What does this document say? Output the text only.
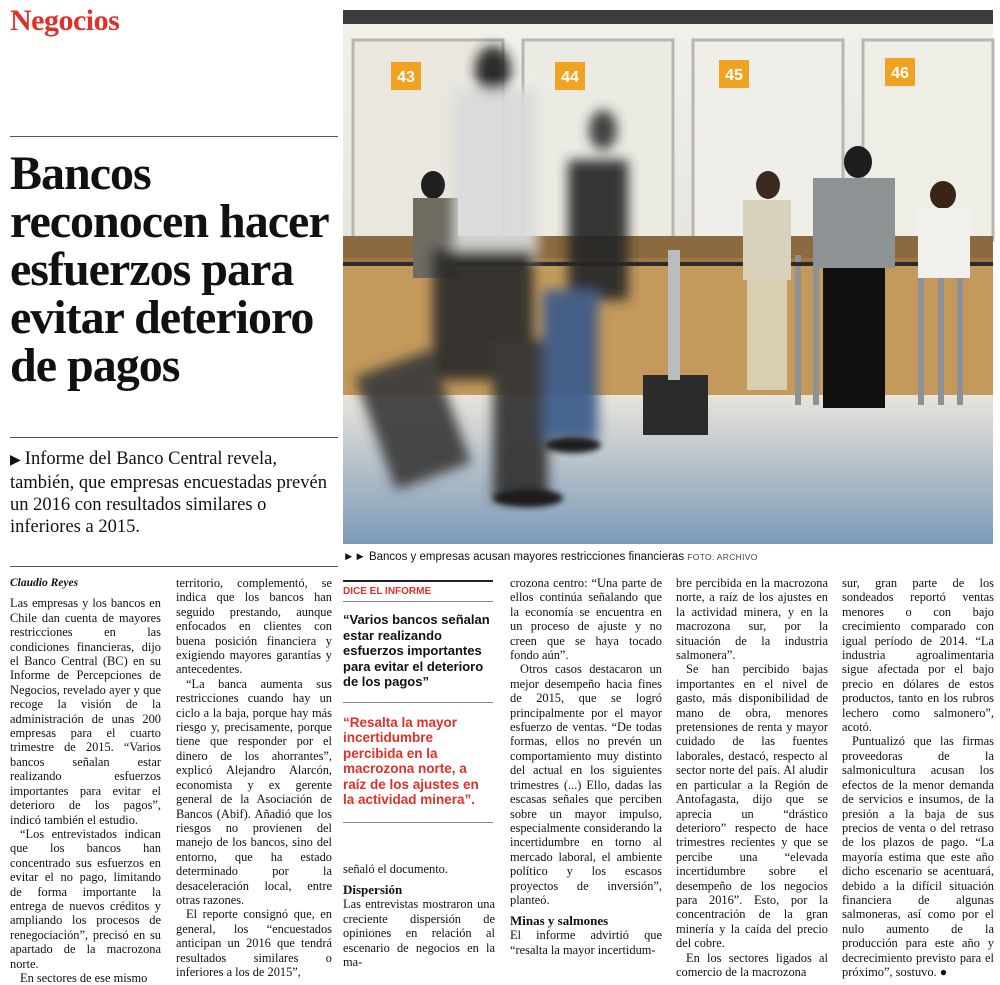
Negocios
Bancos reconocen hacer esfuerzos para evitar deterioro de pagos
▶ Informe del Banco Central revela, también, que empresas encuestadas prevén un 2016 con resultados similares o inferiores a 2015.
43	44	45	46
►► Bancos y empresas acusan mayores restricciones financieras FOTO: ARCHIVO
Claudio Reyes

Las empresas y los bancos en Chile dan cuenta de mayores restricciones en las condiciones financieras, dijo el Banco Central (BC) en su Informe de Percepciones de Negocios, revelado ayer y que recoge la visión de la administración de unas 200 empresas para el cuarto trimestre de 2015. “Varios bancos señalan estar realizando esfuerzos importantes para evitar el deterioro de los pagos”, indicó también el estudio.

“Los entrevistados indican que los bancos han concentrado sus esfuerzos en evitar el no pago, limitando de forma importante la entrega de nuevos créditos y ampliando los procesos de renegociación”, precisó en su apartado de la macrozona norte.

En sectores de ese mismo

territorio, complementó, se indica que los bancos han seguido prestando, aunque enfocados en clientes con buena posición financiera y exigiendo mayores garantías y antecedentes.

“La banca aumenta sus restricciones cuando hay un ciclo a la baja, porque hay más riesgo y, precisamente, porque tiene que responder por el dinero de los ahorrantes”, explicó Alejandro Alarcón, economista y ex gerente general de la Asociación de Bancos (Abif). Añadió que los riesgos no provienen del manejo de los bancos, sino del entorno, que ha estado determinado por la desaceleración local, entre otras razones.

El reporte consignó que, en general, los “encuestados anticipan un 2016 que tendrá resultados similares o inferiores a los de 2015”,

DICE EL INFORME
“Varios bancos señalan estar realizando esfuerzos importantes para evitar el deterioro de los pagos”
“Resalta la mayor incertidumbre percibida en la macrozona norte, a raíz de los ajustes en la actividad minera”.

señaló el documento.

Dispersión

Las entrevistas mostraron una creciente dispersión de opiniones en relación al escenario de negocios en la ma-

crozona centro: “Una parte de ellos continúa señalando que la economía se encuentra en un proceso de ajuste y no creen que se haya tocado fondo aún”.

Otros casos destacaron un mejor desempeño hacia fines de 2015, que se logró principalmente por el mayor esfuerzo de ventas. “De todas formas, ellos no prevén un comportamiento muy distinto del actual en los siguientes trimestres (...) Ello, dadas las escasas señales que perciben sobre un mayor impulso, especialmente considerando la incertidumbre en torno al mercado laboral, el ambiente político y los escasos proyectos de inversión”, planteó.

Minas y salmones

El informe advirtió que “resalta la mayor incertidum-

bre percibida en la macrozona norte, a raíz de los ajustes en la actividad minera, y en la macrozona sur, por la situación de la industria salmonera”.

Se han percibido bajas importantes en el nivel de gasto, más disponibilidad de mano de obra, menores pretensiones de renta y mayor cuidado de las fuentes laborales, destacó, respecto al sector norte del país. Al aludir en particular a la Región de Antofagasta, dijo que se aprecia un “drástico deterioro” respecto de hace trimestres recientes y que se percibe una “elevada incertidumbre sobre el desempeño de los negocios para 2016”. Esto, por la concentración de la gran minería y la caída del precio del cobre.

En los sectores ligados al comercio de la macrozona

sur, gran parte de los sondeados reportó ventas menores o con bajo crecimiento comparado con igual período de 2014. “La industria agroalimentaria sigue afectada por el bajo precio en dólares de estos productos, tanto en los rubros lechero como salmonero”, acotó.

Puntualizó que las firmas proveedoras de la salmonicultura acusan los efectos de la menor demanda de servicios e insumos, de la presión a la baja de sus precios de venta o del retraso de los plazos de pago. “La mayoría estima que este año dicho escenario se acentuará, debido a la difícil situación financiera de algunas salmoneras, así como por el nulo aumento de la producción para este año y decrecimiento previsto para el próximo”, sostuvo. ●
